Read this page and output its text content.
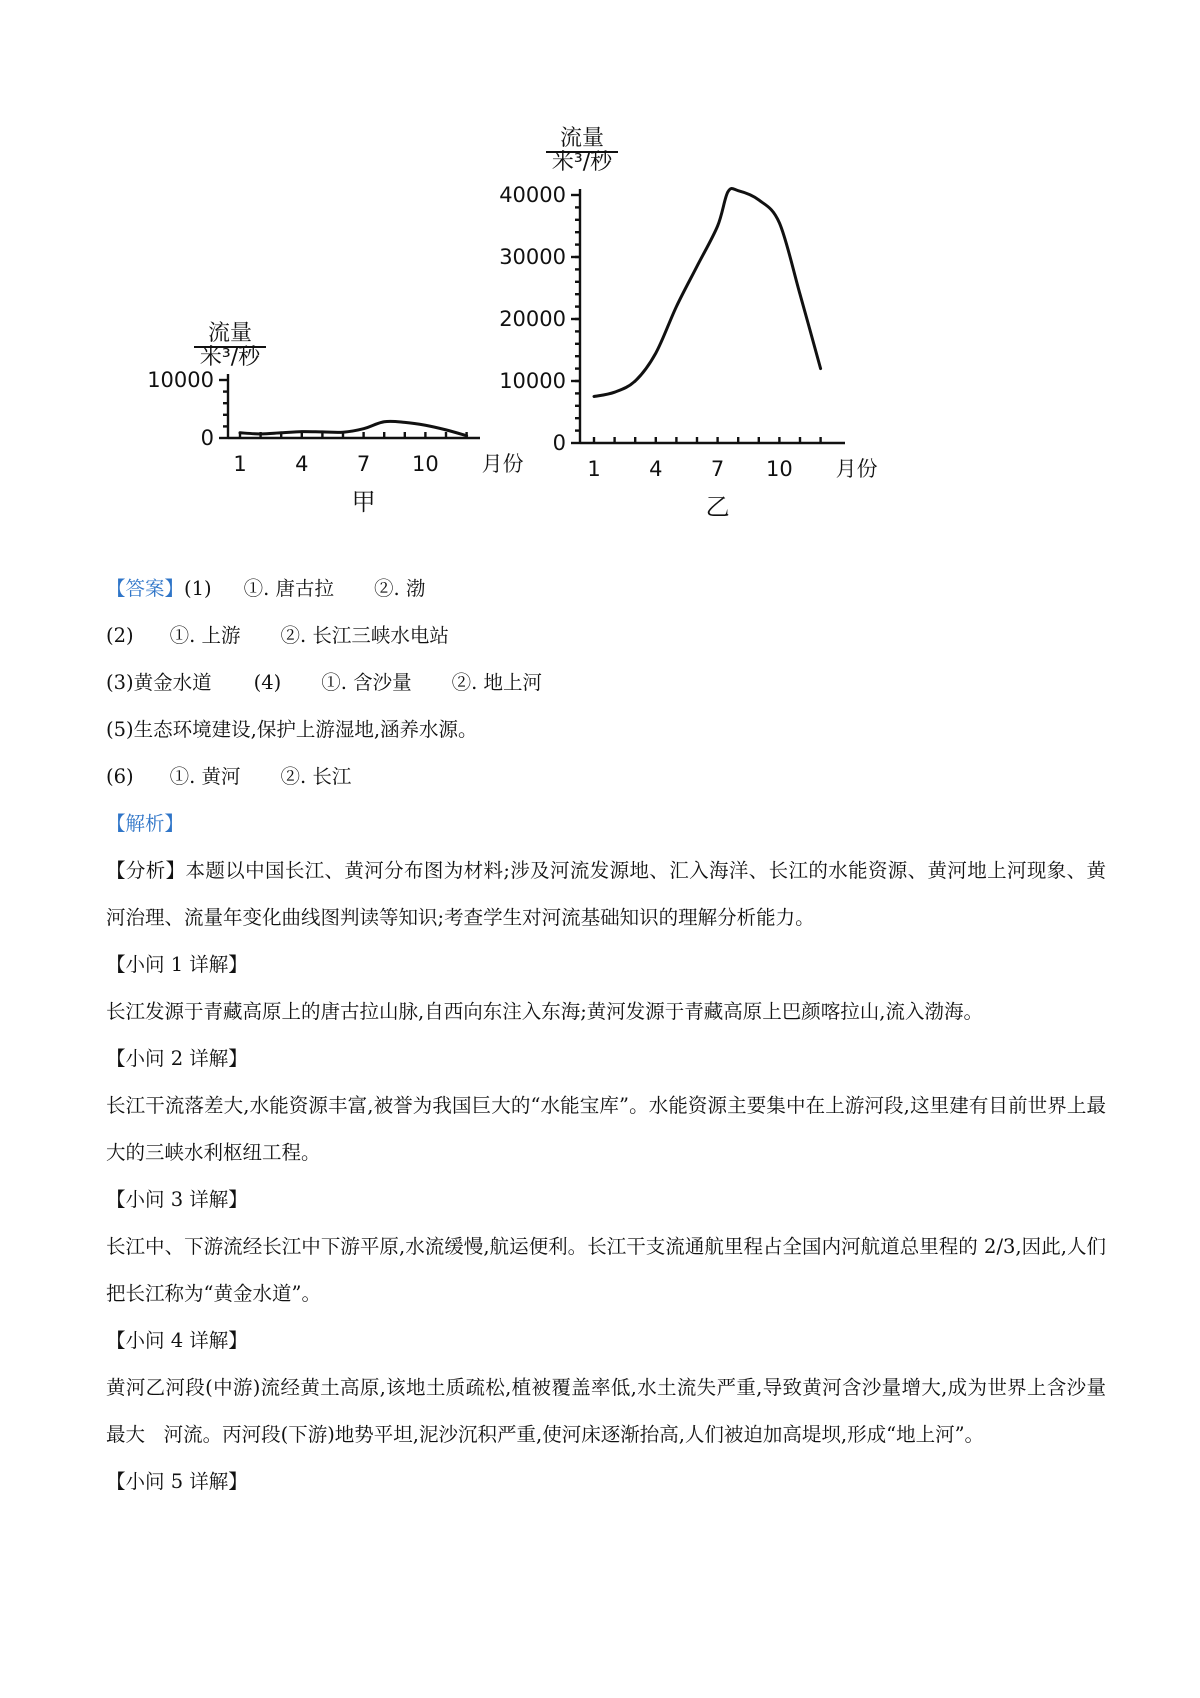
流量
米³/秒
0
10000
1 4 7 10 月份
甲
流量
米³/秒
0
10000
20000
30000
40000
1 4 7 10 月份
乙
【答案】(1) ①. 唐古拉 ②. 渤
(2) ①. 上游 ②. 长江三峡水电站
(3)黄金水道 (4) ①. 含沙量 ②. 地上河
(5)生态环境建设,保护上游湿地,涵养水源。
(6) ①. 黄河 ②. 长江
【解析】
【分析】本题以中国长江、黄河分布图为材料;涉及河流发源地、汇入海洋、长江的水能资源、黄河地上河现象、黄河治理、流量年变化曲线图判读等知识;考查学生对河流基础知识的理解分析能力。
【小问 1 详解】
长江发源于青藏高原上的唐古拉山脉,自西向东注入东海;黄河发源于青藏高原上巴颜喀拉山,流入渤海。
【小问 2 详解】
长江干流落差大,水能资源丰富,被誉为我国巨大的“水能宝库”。水能资源主要集中在上游河段,这里建有目前世界上最大的三峡水利枢纽工程。
【小问 3 详解】
长江中、下游流经长江中下游平原,水流缓慢,航运便利。长江干支流通航里程占全国内河航道总里程的 2/3,因此,人们把长江称为“黄金水道”。
【小问 4 详解】
黄河乙河段(中游)流经黄土高原,该地土质疏松,植被覆盖率低,水土流失严重,导致黄河含沙量增大,成为世界上含沙量最大   河流。丙河段(下游)地势平坦,泥沙沉积严重,使河床逐渐抬高,人们被迫加高堤坝,形成“地上河”。
【小问 5 详解】
